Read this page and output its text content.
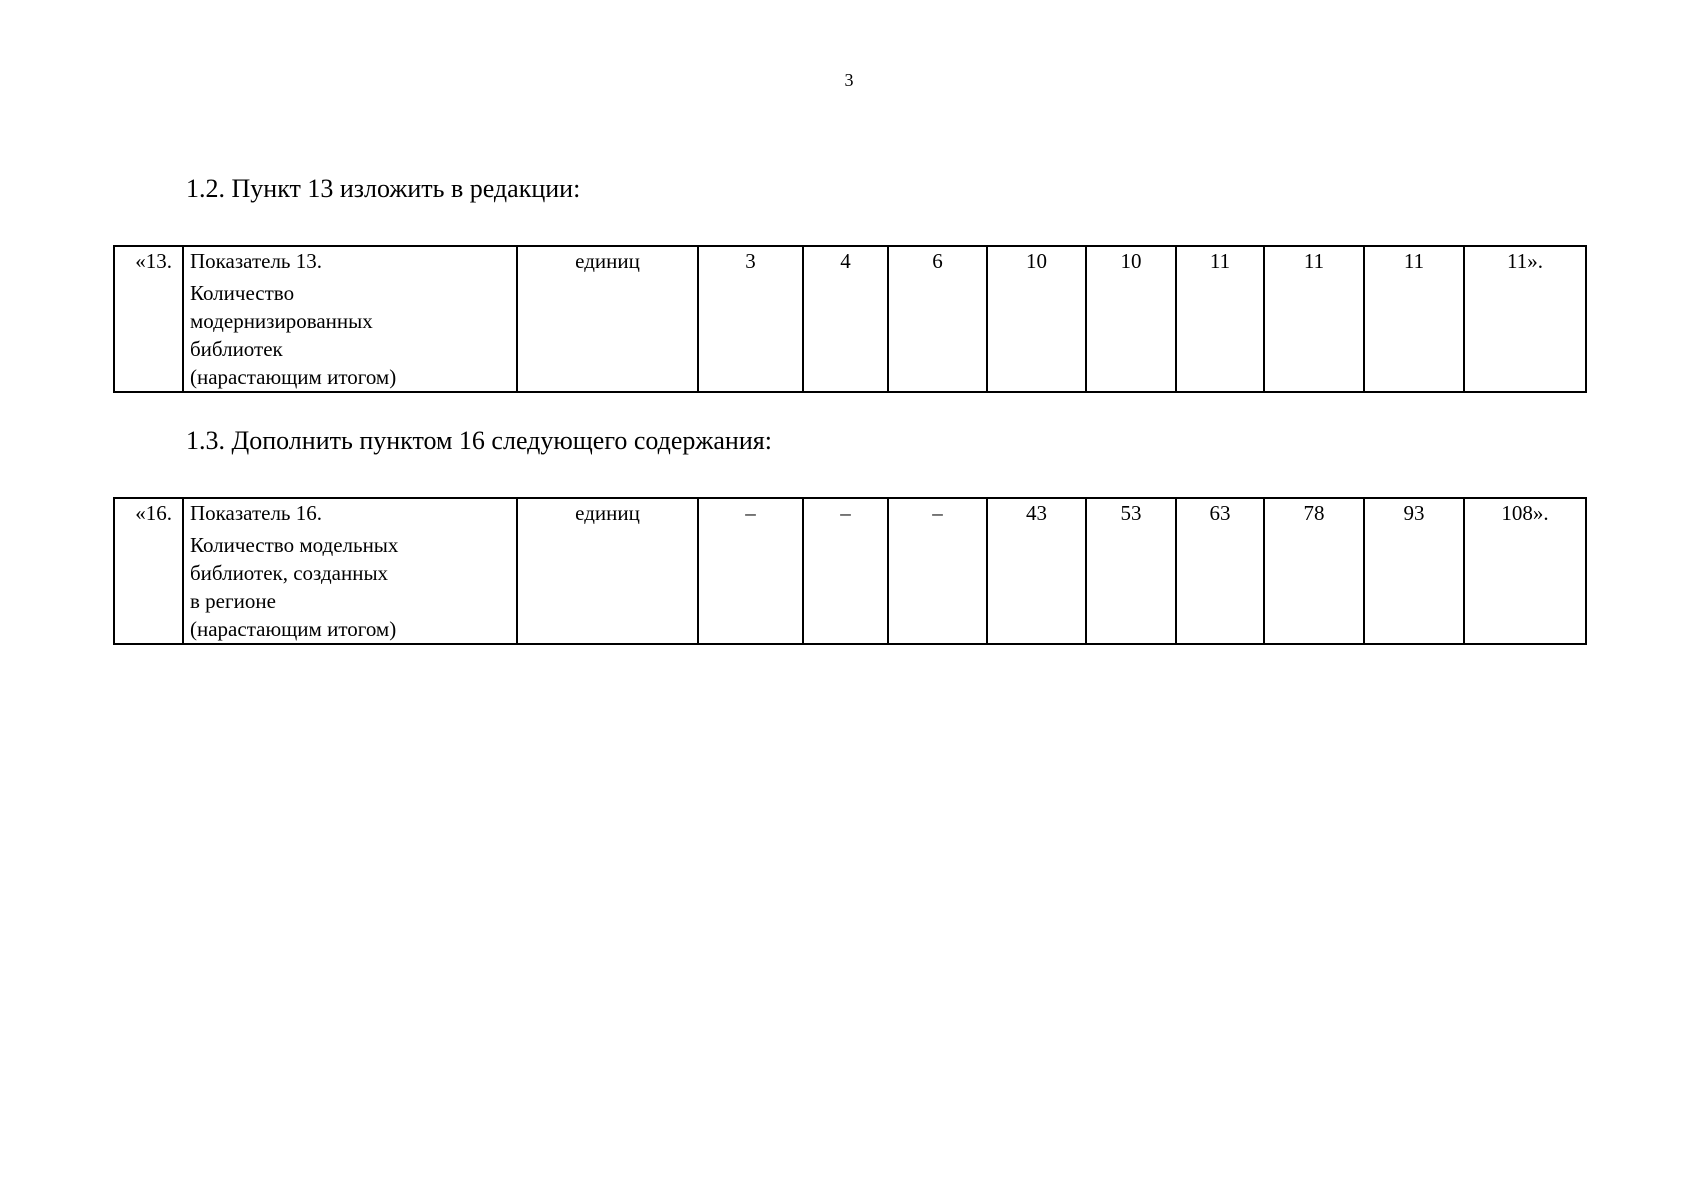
3
1.2. Пункт 13 изложить в редакции:
«13.	Показатель 13.
Количество
модернизированных
библиотек
(нарастающим итогом)
	единиц	3	4	6	10	10	11	11	11	11».
1.3. Дополнить пунктом 16 следующего содержания:
«16.	Показатель 16.
Количество модельных
библиотек, созданных
в регионе
(нарастающим итогом)
	единиц	–	–	–	43	53	63	78	93	108».
